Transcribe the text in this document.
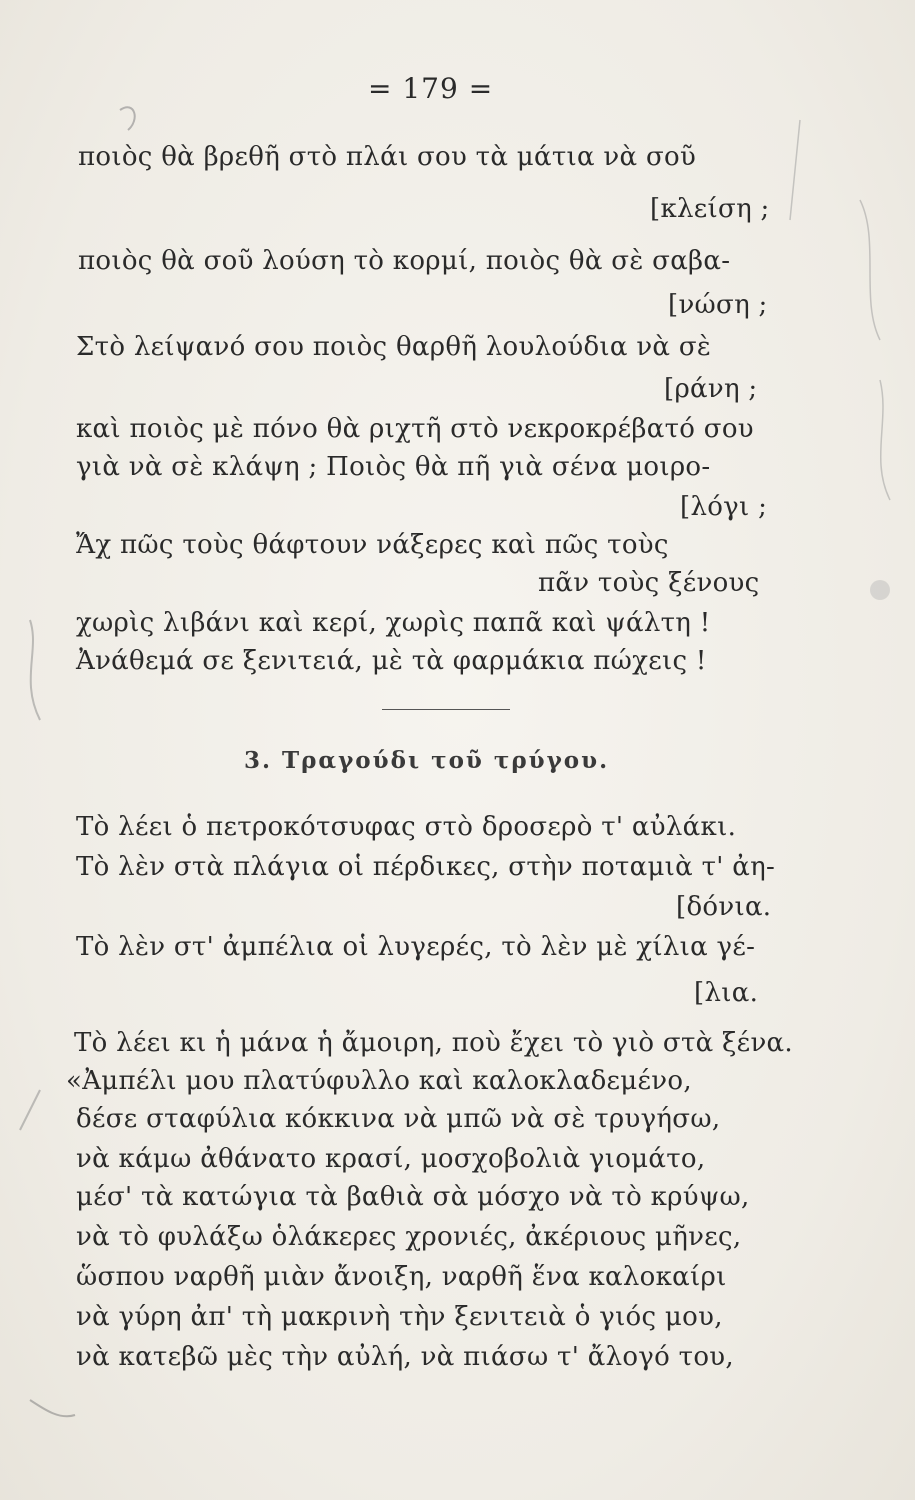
= 179 =
ποιὸς θὰ βρεθῆ στὸ πλάι σου τὰ μάτια νὰ σοῦ
[κλείση ;
ποιὸς θὰ σοῦ λούση τὸ κορμί, ποιὸς θὰ σὲ σαβα-
[νώση ;
Στὸ λείψανό σου ποιὸς θαρθῆ λουλούδια νὰ σὲ
[ράνη ;
καὶ ποιὸς μὲ πόνο θὰ ριχτῆ στὸ νεκροκρέβατό σου
γιὰ νὰ σὲ κλάψη ; Ποιὸς θὰ πῆ γιὰ σένα μοιρο-
[λόγι ;
Ἄχ πῶς τοὺς θάφτουν νάξερες καὶ πῶς τοὺς
πᾶν τοὺς ξένους
χωρὶς λιβάνι καὶ κερί, χωρὶς παπᾶ καὶ ψάλτη !
Ἀνάθεμά σε ξενιτειά, μὲ τὰ φαρμάκια πώχεις !
3. Τραγούδι τοῦ τρύγου.
Τὸ λέει ὁ πετροκότσυφας στὸ δροσερὸ τ' αὐλάκι.
Τὸ λὲν στὰ πλάγια οἱ πέρδικες, στὴν ποταμιὰ τ' ἀη-
[δόνια.
Τὸ λὲν στ' ἀμπέλια οἱ λυγερές, τὸ λὲν μὲ χίλια γέ-
[λια.
Τὸ λέει κι ἡ μάνα ἡ ἄμοιρη, ποὺ ἔχει τὸ γιὸ στὰ ξένα.
«Ἀμπέλι μου πλατύφυλλο καὶ καλοκλαδεμένο,
δέσε σταφύλια κόκκινα νὰ μπῶ νὰ σὲ τρυγήσω,
νὰ κάμω ἀθάνατο κρασί, μοσχοβολιὰ γιομάτο,
μέσ' τὰ κατώγια τὰ βαθιὰ σὰ μόσχο νὰ τὸ κρύψω,
νὰ τὸ φυλάξω ὁλάκερες χρονιές, ἀκέριους μῆνες,
ὥσπου ναρθῆ μιὰν ἄνοιξη, ναρθῆ ἕνα καλοκαίρι
νὰ γύρη ἀπ' τὴ μακρινὴ τὴν ξενιτειὰ ὁ γιός μου,
νὰ κατεβῶ μὲς τὴν αὐλή, νὰ πιάσω τ' ἄλογό του,
